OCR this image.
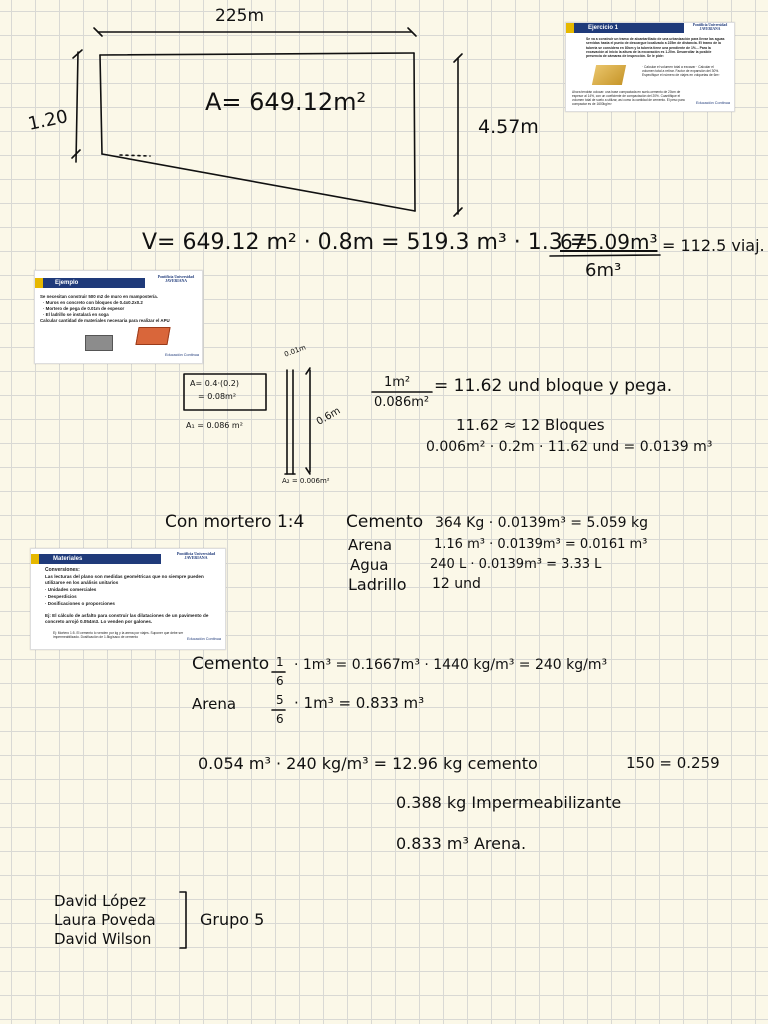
225m
1.20	4.57m
A= 649.12m²
Ejercicio 1	Pontificia Universidad JAVERIANA
Se va a construir un tramo de alcantarillado de una urbanización para llevar las aguas servidas hasta el punto de descargue localizado a 225m de distancia. El tramo de la tubería se considera en 80cm y la tubería tiene una pendiente de 1%... Para la excavación al inicio la altura de la excavación es 1.20m. Desarrollar la posible presencia de cámaras de inspección. Se le pide:
· Calcular el volumen total a excavar · Calcular el volumen total a retirar. Factor de expansión del 30%. Especifique el número de viajes en volquetas de 6m³
Ahora tendrán colocar: una base compactada en suelo-cemento de 20cm de espesor al 14%, con un coeficiente de compactación del 20%. Cuantifique el volumen total de suelo a utilizar, así como la cantidad de cemento. El peso para compactar es de 1600kg/m³	Educación Continua
V= 649.12 m² · 0.8m = 519.3 m³ · 1.3 =
675.09m³
6m³
= 112.5 viaj.
Ejemplo
Pontificia Universidad JAVERIANA
Se necesitan construir 500 m2 de muro en mampostería.
· Muros en concreto con bloques de 0.4x0.2x0.2
· Mortero de pega de 0.01m de espesor
· El ladrillo se instalará en soga
Calcular cantidad de materiales necesaria para realizar el APU
Educación Continua
A= 0.4·(0.2)
= 0.08m²
A₁ = 0.086 m²
0.01m
0.6m
A₂ = 0.006m²
1m²
0.086m²
= 11.62 und bloque y pega.
11.62 ≈ 12 Bloques
0.006m² · 0.2m · 11.62 und = 0.0139 m³
Con mortero 1:4 Cemento 364 Kg · 0.0139m³ = 5.059 kg
Arena	1.16 m³ · 0.0139m³ = 0.0161 m³
Agua	240 L · 0.0139m³ = 3.33 L
Ladrillo 12 und
Materiales
Pontificia Universidad JAVERIANA
Conversiones:
Las lecturas del plano son medidas geométricas que no siempre pueden utilizarse en los análisis unitarios
· Unidades comerciales
· Desperdicios
· Dosificaciones o proporciones
Ej: El cálculo de asfalto para construir las dilataciones de un pavimento de concreto arrojó 0.054m3. Lo venden por galones.
Ej: Mortero 1:5. El cemento lo venden por kg y la arena por viajes. Suponer que debe ser impermeabilizado. Dosificación de 1.5kg/saco de cemento	Educación Continua
Cemento 1
6
· 1m³ = 0.1667m³ · 1440 kg/m³ = 240 kg/m³
Arena	5
6
· 1m³ = 0.833 m³
0.054 m³ · 240 kg/m³ = 12.96 kg cemento	150 = 0.259
0.388 kg Impermeabilizante
0.833 m³ Arena.
David López
Laura Poveda
David Wilson
Grupo 5
